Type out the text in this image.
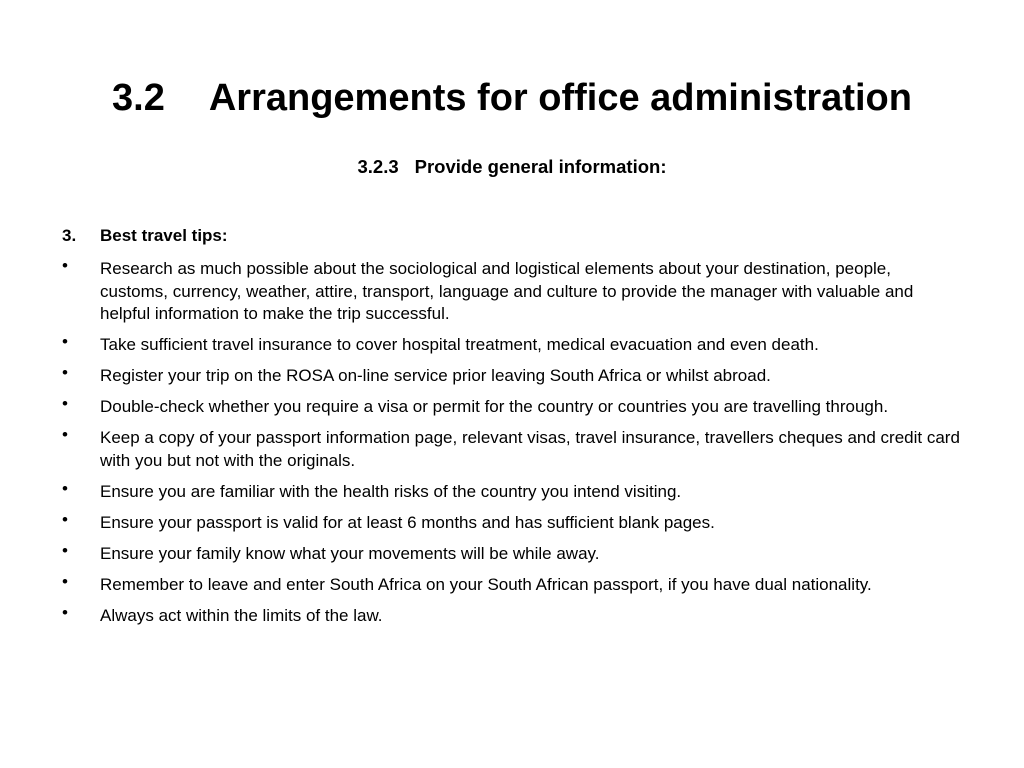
3.2 Arrangements for office administration
3.2.3 Provide general information:
3. Best travel tips:
• Research as much possible about the sociological and logistical elements about your destination, people, customs, currency, weather, attire, transport, language and culture to provide the manager with valuable and helpful information to make the trip successful.
• Take sufficient travel insurance to cover hospital treatment, medical evacuation and even death.
• Register your trip on the ROSA on-line service prior leaving South Africa or whilst abroad.
• Double-check whether you require a visa or permit for the country or countries you are travelling through.
• Keep a copy of your passport information page, relevant visas, travel insurance, travellers cheques and credit card with you but not with the originals.
• Ensure you are familiar with the health risks of the country you intend visiting.
• Ensure your passport is valid for at least 6 months and has sufficient blank pages.
• Ensure your family know what your movements will be while away.
• Remember to leave and enter South Africa on your South African passport, if you have dual nationality.
• Always act within the limits of the law.
